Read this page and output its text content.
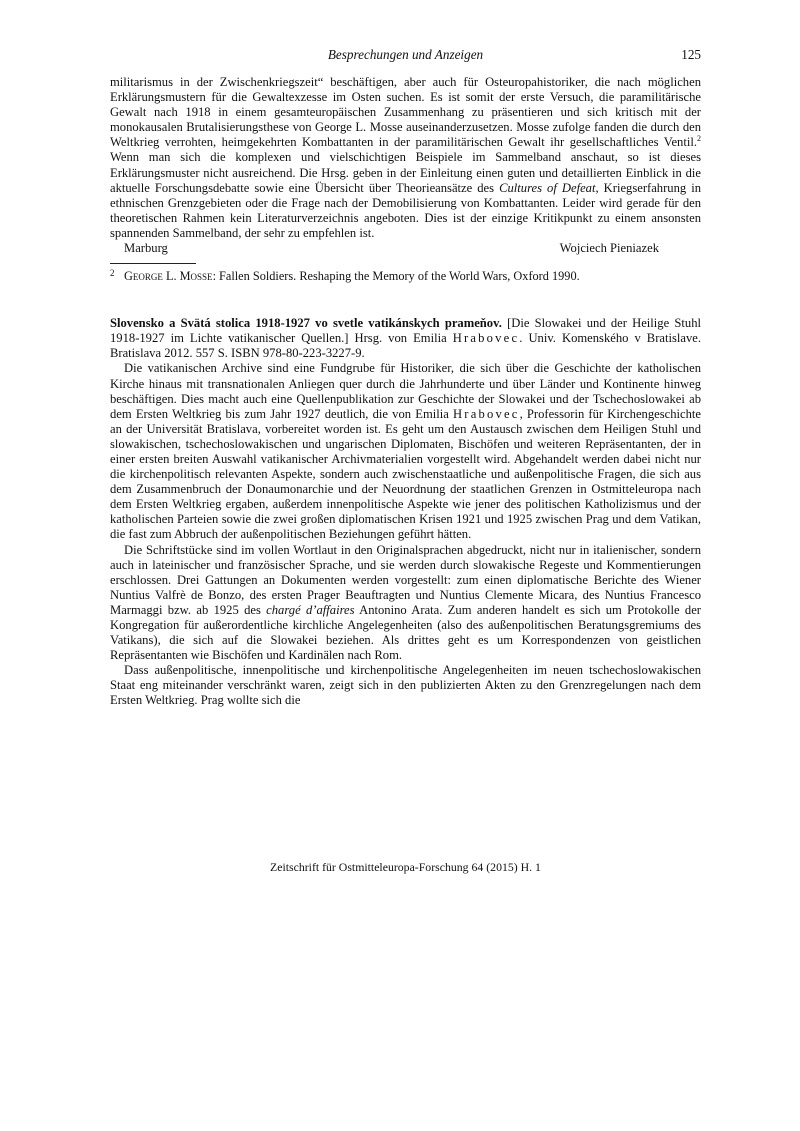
Besprechungen und Anzeigen	125

militarismus in der Zwischenkriegszeit“ beschäftigen, aber auch für Osteuropahistoriker, die nach möglichen Erklärungsmustern für die Gewaltexzesse im Osten suchen. Es ist somit der erste Versuch, die paramilitärische Gewalt nach 1918 in einem gesamteuropäischen Zusammenhang zu präsentieren und sich kritisch mit der monokausalen Brutalisierungsthese von George L. Mosse auseinanderzusetzen. Mosse zufolge fanden die durch den Weltkrieg verrohten, heimgekehrten Kombattanten in der paramilitärischen Gewalt ihr gesellschaftliches Ventil.$^2$ Wenn man sich die komplexen und vielschichtigen Beispiele im Sammelband anschaut, so ist dieses Erklärungsmuster nicht ausreichend. Die Hrsg. geben in der Einleitung einen guten und detaillierten Einblick in die aktuelle Forschungsdebatte sowie eine Übersicht über Theorieansätze des Cultures of Defeat, Kriegserfahrung in ethnischen Grenzgebieten oder die Frage nach der Demobilisierung von Kombattanten. Leider wird gerade für den theoretischen Rahmen kein Literaturverzeichnis angeboten. Dies ist der einzige Kritikpunkt zu einem ansonsten spannenden Sammelband, der sehr zu empfehlen ist.

Marburg	Wojciech Pieniazek
2 George L. Mosse: Fallen Soldiers. Reshaping the Memory of the World Wars, Oxford 1990.

Slovensko a Svätá stolica 1918-1927 vo svetle vatikánskych prameňov. [Die Slowakei und der Heilige Stuhl 1918-1927 im Lichte vatikanischer Quellen.] Hrsg. von Emilia Hrabovec. Univ. Komenského v Bratislave. Bratislava 2012. 557 S. ISBN 978-80-223-3227-9.

Die vatikanischen Archive sind eine Fundgrube für Historiker, die sich über die Geschichte der katholischen Kirche hinaus mit transnationalen Anliegen quer durch die Jahrhunderte und über Länder und Kontinente hinweg beschäftigen. Dies macht auch eine Quellenpublikation zur Geschichte der Slowakei und der Tschechoslowakei ab dem Ersten Weltkrieg bis zum Jahr 1927 deutlich, die von Emilia Hrabovec, Professorin für Kirchengeschichte an der Universität Bratislava, vorbereitet worden ist. Es geht um den Austausch zwischen dem Heiligen Stuhl und slowakischen, tschechoslowakischen und ungarischen Diplomaten, Bischöfen und weiteren Repräsentanten, der in einer ersten breiten Auswahl vatikanischer Archivmaterialien vorgestellt wird. Abgehandelt werden dabei nicht nur die kirchenpolitisch relevanten Aspekte, sondern auch zwischenstaatliche und außenpolitische Fragen, die sich aus dem Zusammenbruch der Donaumonarchie und der Neuordnung der staatlichen Grenzen in Ostmitteleuropa nach dem Ersten Weltkrieg ergaben, außerdem innenpolitische Aspekte wie jener des politischen Katholizismus und der katholischen Parteien sowie die zwei großen diplomatischen Krisen 1921 und 1925 zwischen Prag und dem Vatikan, die fast zum Abbruch der außenpolitischen Beziehungen geführt hätten.

Die Schriftstücke sind im vollen Wortlaut in den Originalsprachen abgedruckt, nicht nur in italienischer, sondern auch in lateinischer und französischer Sprache, und sie werden durch slowakische Regeste und Kommentierungen erschlossen. Drei Gattungen an Dokumenten werden vorgestellt: zum einen diplomatische Berichte des Wiener Nuntius Valfrè de Bonzo, des ersten Prager Beauftragten und Nuntius Clemente Micara, des Nuntius Francesco Marmaggi bzw. ab 1925 des chargé d’affaires Antonino Arata. Zum anderen handelt es sich um Protokolle der Kongregation für außerordentliche kirchliche Angelegenheiten (also des außenpolitischen Beratungsgremiums des Vatikans), die sich auf die Slowakei beziehen. Als drittes geht es um Korrespondenzen von geistlichen Repräsentanten wie Bischöfen und Kardinälen nach Rom.

Dass außenpolitische, innenpolitische und kirchenpolitische Angelegenheiten im neuen tschechoslowakischen Staat eng miteinander verschränkt waren, zeigt sich in den publizierten Akten zu den Grenzregelungen nach dem Ersten Weltkrieg. Prag wollte sich die

Zeitschrift für Ostmitteleuropa-Forschung 64 (2015) H. 1
